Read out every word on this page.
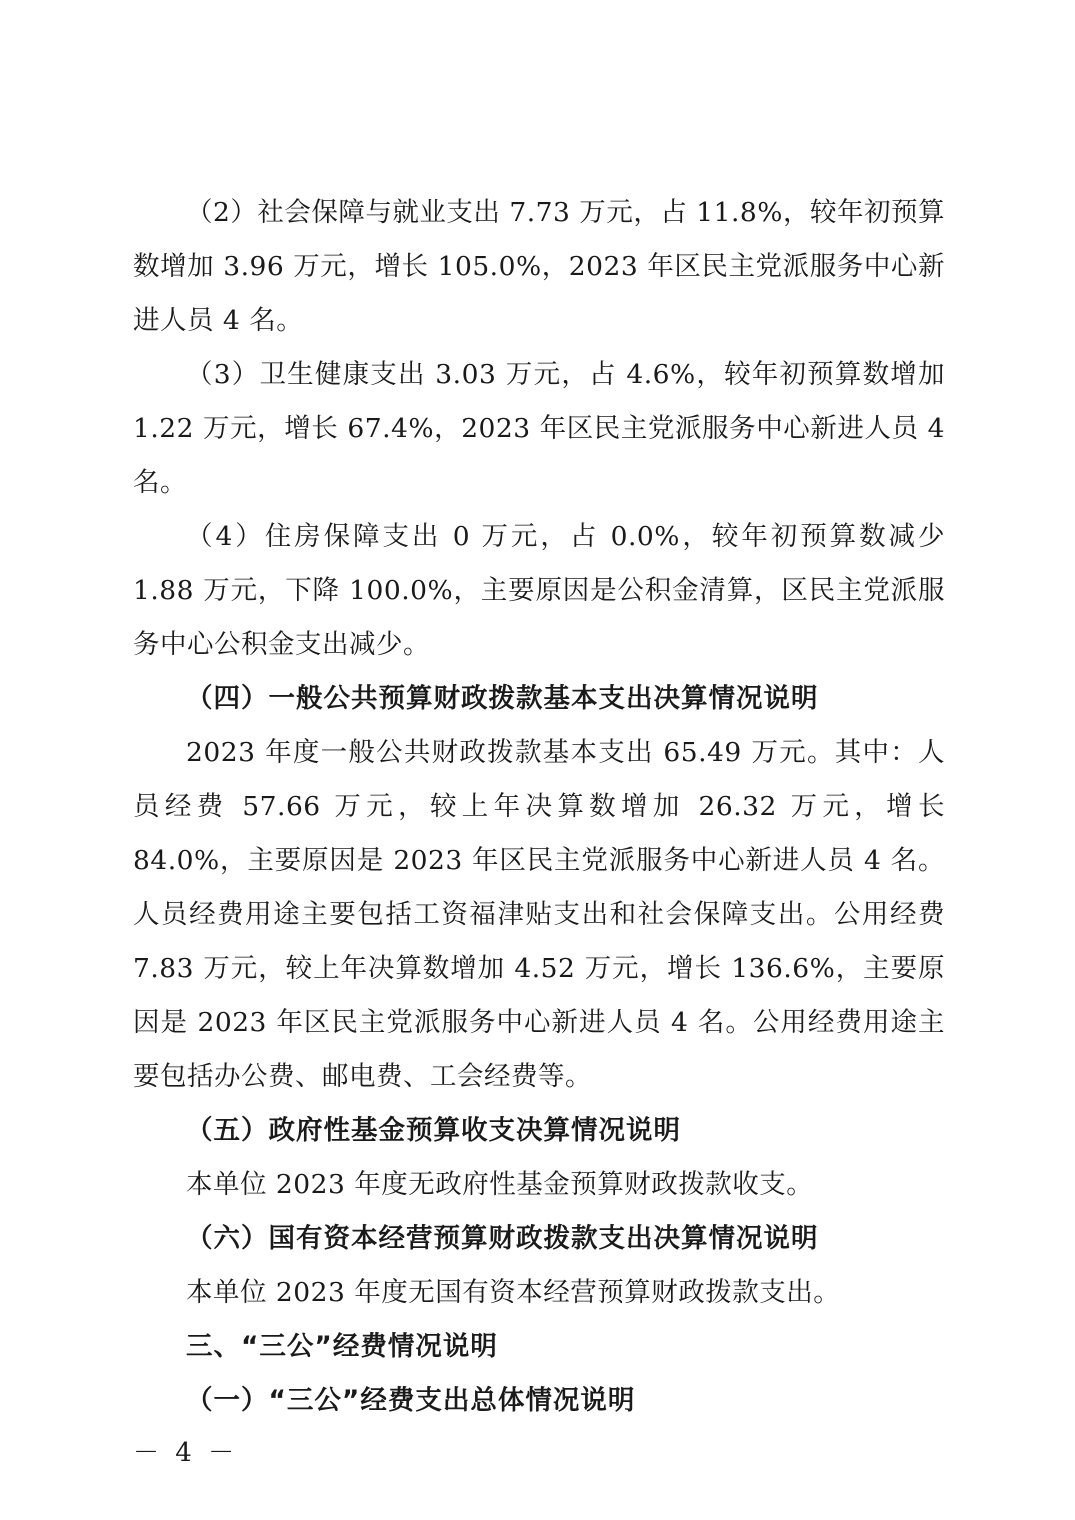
（2）社会保障与就业支出 7.73 万元，占 11.8%，较年初预算数增加 3.96 万元，增长 105.0%，2023 年区民主党派服务中心新进人员 4 名。

（3）卫生健康支出 3.03 万元，占 4.6%，较年初预算数增加 1.22 万元，增长 67.4%，2023 年区民主党派服务中心新进人员 4 名。

（4）住房保障支出 0 万元，占 0.0%，较年初预算数减少 1.88 万元，下降 100.0%，主要原因是公积金清算，区民主党派服务中心公积金支出减少。

（四）一般公共预算财政拨款基本支出决算情况说明

2023 年度一般公共财政拨款基本支出 65.49 万元。其中：人员经费 57.66 万元，较上年决算数增加 26.32 万元，增长 84.0%，主要原因是 2023 年区民主党派服务中心新进人员 4 名。人员经费用途主要包括工资福津贴支出和社会保障支出。公用经费 7.83 万元，较上年决算数增加 4.52 万元，增长 136.6%，主要原因是 2023 年区民主党派服务中心新进人员 4 名。公用经费用途主要包括办公费、邮电费、工会经费等。

（五）政府性基金预算收支决算情况说明

本单位 2023 年度无政府性基金预算财政拨款收支。

（六）国有资本经营预算财政拨款支出决算情况说明

本单位 2023 年度无国有资本经营预算财政拨款支出。

三、“三公”经费情况说明

（一）“三公”经费支出总体情况说明

－ 4 －
